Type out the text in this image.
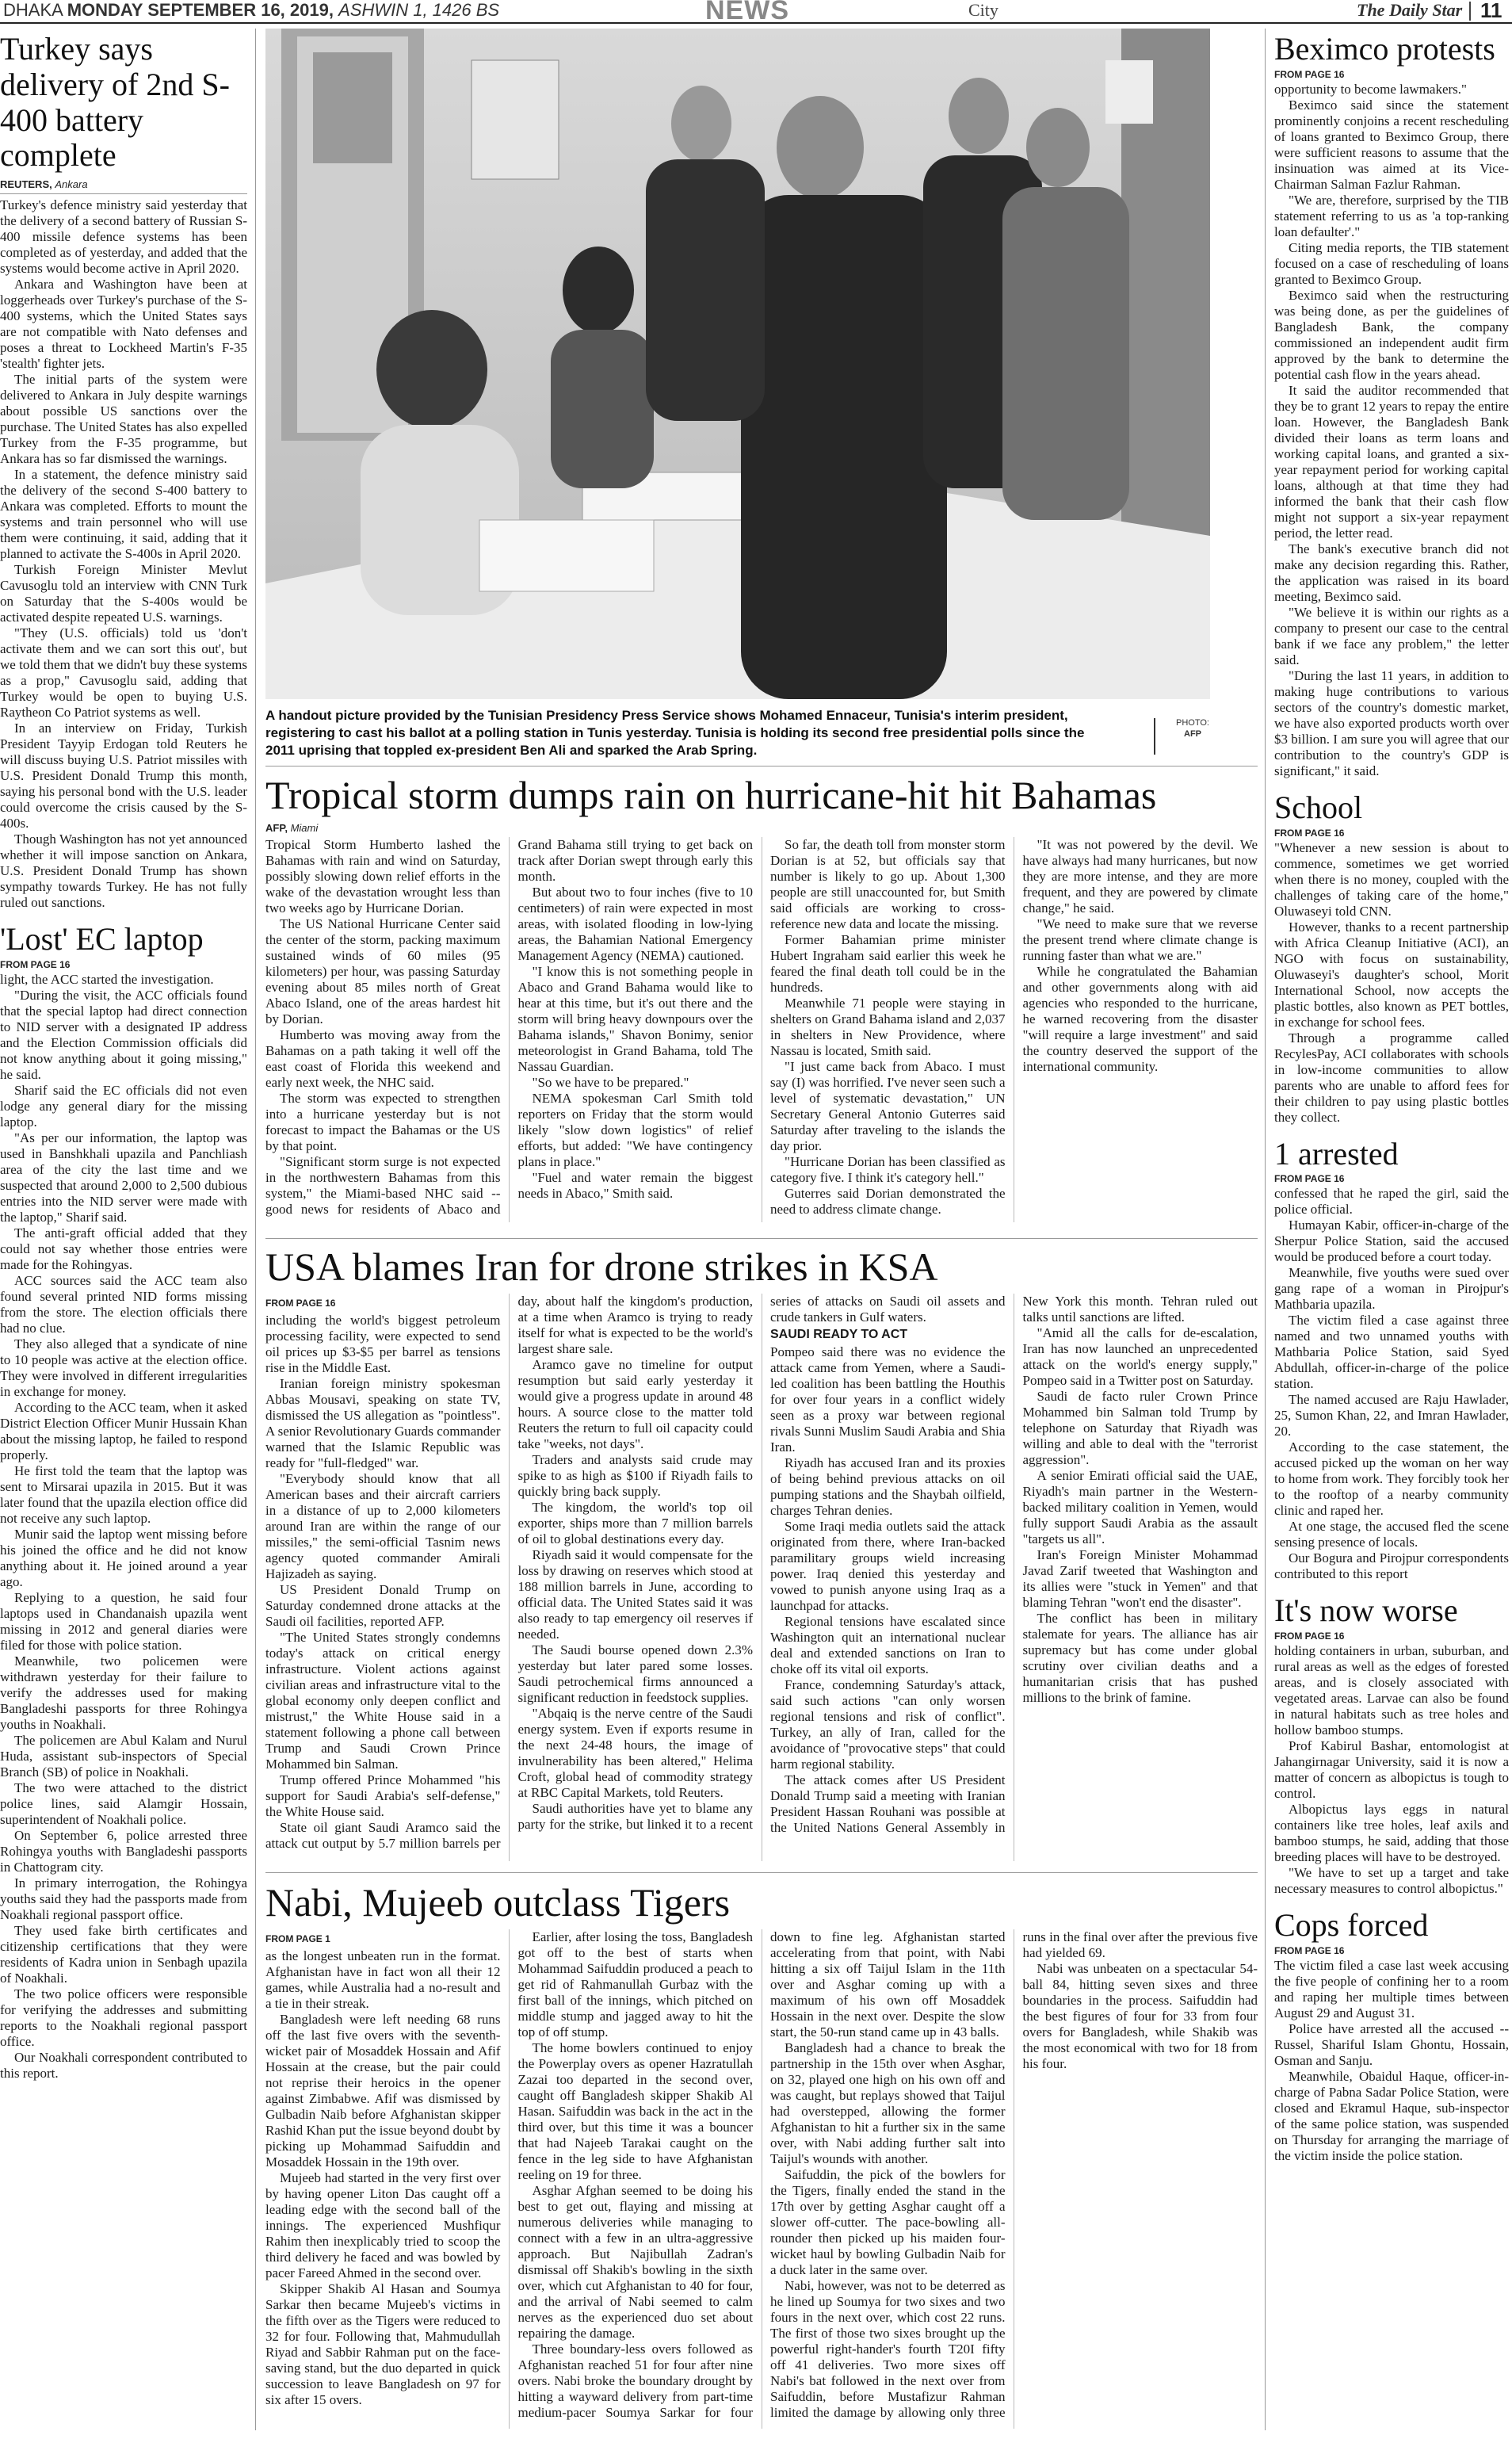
DHAKA MONDAY SEPTEMBER 16, 2019, ASHWIN 1, 1426 BS	NEWS	City	The Daily Star 11
Turkey says delivery of 2nd S-400 battery complete
REUTERS, Ankara

Turkey's defence ministry said yesterday that the delivery of a second battery of Russian S-400 missile defence systems has been completed as of yesterday, and added that the systems would become active in April 2020.

Ankara and Washington have been at loggerheads over Turkey's purchase of the S-400 systems, which the United States says are not compatible with Nato defenses and poses a threat to Lockheed Martin's F-35 'stealth' fighter jets.

The initial parts of the system were delivered to Ankara in July despite warnings about possible US sanctions over the purchase. The United States has also expelled Turkey from the F-35 programme, but Ankara has so far dismissed the warnings.

In a statement, the defence ministry said the delivery of the second S-400 battery to Ankara was completed. Efforts to mount the systems and train personnel who will use them were continuing, it said, adding that it planned to activate the S-400s in April 2020.

Turkish Foreign Minister Mevlut Cavusoglu told an interview with CNN Turk on Saturday that the S-400s would be activated despite repeated U.S. warnings.

"They (U.S. officials) told us 'don't activate them and we can sort this out', but we told them that we didn't buy these systems as a prop," Cavusoglu said, adding that Turkey would be open to buying U.S. Raytheon Co Patriot systems as well.

In an interview on Friday, Turkish President Tayyip Erdogan told Reuters he will discuss buying U.S. Patriot missiles with U.S. President Donald Trump this month, saying his personal bond with the U.S. leader could overcome the crisis caused by the S-400s.

Though Washington has not yet announced whether it will impose sanction on Ankara, U.S. President Donald Trump has shown sympathy towards Turkey. He has not fully ruled out sanctions.

'Lost' EC laptop
FROM PAGE 16

light, the ACC started the investigation.

"During the visit, the ACC officials found that the special laptop had direct connection to NID server with a designated IP address and the Election Commission officials did not know anything about it going missing," he said.

Sharif said the EC officials did not even lodge any general diary for the missing laptop.

"As per our information, the laptop was used in Banshkhali upazila and Panchliash area of the city the last time and we suspected that around 2,000 to 2,500 dubious entries into the NID server were made with the laptop," Sharif said.

The anti-graft official added that they could not say whether those entries were made for the Rohingyas.

ACC sources said the ACC team also found several printed NID forms missing from the store. The election officials there had no clue.

They also alleged that a syndicate of nine to 10 people was active at the election office. They were involved in different irregularities in exchange for money.

According to the ACC team, when it asked District Election Officer Munir Hussain Khan about the missing laptop, he failed to respond properly.

He first told the team that the laptop was sent to Mirsarai upazila in 2015. But it was later found that the upazila election office did not receive any such laptop.

Munir said the laptop went missing before his joined the office and he did not know anything about it. He joined around a year ago.

Replying to a question, he said four laptops used in Chandanaish upazila went missing in 2012 and general diaries were filed for those with police station.

Meanwhile, two policemen were withdrawn yesterday for their failure to verify the addresses used for making Bangladeshi passports for three Rohingya youths in Noakhali.

The policemen are Abul Kalam and Nurul Huda, assistant sub-inspectors of Special Branch (SB) of police in Noakhali.

The two were attached to the district police lines, said Alamgir Hossain, superintendent of Noakhali police.

On September 6, police arrested three Rohingya youths with Bangladeshi passports in Chattogram city.

In primary interrogation, the Rohingya youths said they had the passports made from Noakhali regional passport office.

They used fake birth certificates and citizenship certifications that they were residents of Kadra union in Senbagh upazila of Noakhali.

The two police officers were responsible for verifying the addresses and submitting reports to the Noakhali regional passport office.

Our Noakhali correspondent contributed to this report.

A handout picture provided by the Tunisian Presidency Press Service shows Mohamed Ennaceur, Tunisia's interim president, registering to cast his ballot at a polling station in Tunis yesterday. Tunisia is holding its second free presidential polls since the 2011 uprising that toppled ex-president Ben Ali and sparked the Arab Spring.
PHOTO:
AFP
Tropical storm dumps rain on hurricane-hit hit Bahamas
AFP, Miami

Tropical Storm Humberto lashed the Bahamas with rain and wind on Saturday, possibly slowing down relief efforts in the wake of the devastation wrought less than two weeks ago by Hurricane Dorian.

The US National Hurricane Center said the center of the storm, packing maximum sustained winds of 60 miles (95 kilometers) per hour, was passing Saturday evening about 85 miles north of Great Abaco Island, one of the areas hardest hit by Dorian.

Humberto was moving away from the Bahamas on a path taking it well off the east coast of Florida this weekend and early next week, the NHC said.

The storm was expected to strengthen into a hurricane yesterday but is not forecast to impact the Bahamas or the US by that point.

"Significant storm surge is not expected in the northwestern Bahamas from this system," the Miami-based NHC said -- good news for residents of Abaco and Grand Bahama still trying to get back on track after Dorian swept through early this month.

But about two to four inches (five to 10 centimeters) of rain were expected in most areas, with isolated flooding in low-lying areas, the Bahamian National Emergency Management Agency (NEMA) cautioned.

"I know this is not something people in Abaco and Grand Bahama would like to hear at this time, but it's out there and the storm will bring heavy downpours over the Bahama islands," Shavon Bonimy, senior meteorologist in Grand Bahama, told The Nassau Guardian.

"So we have to be prepared."

NEMA spokesman Carl Smith told reporters on Friday that the storm would likely "slow down logistics" of relief efforts, but added: "We have contingency plans in place."

"Fuel and water remain the biggest needs in Abaco," Smith said.

So far, the death toll from monster storm Dorian is at 52, but officials say that number is likely to go up. About 1,300 people are still unaccounted for, but Smith said officials are working to cross-reference new data and locate the missing.

Former Bahamian prime minister Hubert Ingraham said earlier this week he feared the final death toll could be in the hundreds.

Meanwhile 71 people were staying in shelters on Grand Bahama island and 2,037 in shelters in New Providence, where Nassau is located, Smith said.

"I just came back from Abaco. I must say (I) was horrified. I've never seen such a level of systematic devastation," UN Secretary General Antonio Guterres said Saturday after traveling to the islands the day prior.

"Hurricane Dorian has been classified as category five. I think it's category hell."

Guterres said Dorian demonstrated the need to address climate change.

"It was not powered by the devil. We have always had many hurricanes, but now they are more intense, and they are more frequent, and they are powered by climate change," he said.

"We need to make sure that we reverse the present trend where climate change is running faster than what we are."

While he congratulated the Bahamian and other governments along with aid agencies who responded to the hurricane, he warned recovering from the disaster "will require a large investment" and said the country deserved the support of the international community.

USA blames Iran for drone strikes in KSA
FROM PAGE 16

including the world's biggest petroleum processing facility, were expected to send oil prices up $3-$5 per barrel as tensions rise in the Middle East.

Iranian foreign ministry spokesman Abbas Mousavi, speaking on state TV, dismissed the US allegation as "pointless". A senior Revolutionary Guards commander warned that the Islamic Republic was ready for "full-fledged" war.

"Everybody should know that all American bases and their aircraft carriers in a distance of up to 2,000 kilometers around Iran are within the range of our missiles," the semi-official Tasnim news agency quoted commander Amirali Hajizadeh as saying.

US President Donald Trump on Saturday condemned drone attacks at the Saudi oil facilities, reported AFP.

"The United States strongly condemns today's attack on critical energy infrastructure. Violent actions against civilian areas and infrastructure vital to the global economy only deepen conflict and mistrust," the White House said in a statement following a phone call between Trump and Saudi Crown Prince Mohammed bin Salman.

Trump offered Prince Mohammed "his support for Saudi Arabia's self-defense," the White House said.

State oil giant Saudi Aramco said the attack cut output by 5.7 million barrels per day, about half the kingdom's production, at a time when Aramco is trying to ready itself for what is expected to be the world's largest share sale.

Aramco gave no timeline for output resumption but said early yesterday it would give a progress update in around 48 hours. A source close to the matter told Reuters the return to full oil capacity could take "weeks, not days".

Traders and analysts said crude may spike to as high as $100 if Riyadh fails to quickly bring back supply.

The kingdom, the world's top oil exporter, ships more than 7 million barrels of oil to global destinations every day.

Riyadh said it would compensate for the loss by drawing on reserves which stood at 188 million barrels in June, according to official data. The United States said it was also ready to tap emergency oil reserves if needed.

The Saudi bourse opened down 2.3% yesterday but later pared some losses. Saudi petrochemical firms announced a significant reduction in feedstock supplies.

"Abqaiq is the nerve centre of the Saudi energy system. Even if exports resume in the next 24-48 hours, the image of invulnerability has been altered," Helima Croft, global head of commodity strategy at RBC Capital Markets, told Reuters.

Saudi authorities have yet to blame any party for the strike, but linked it to a recent series of attacks on Saudi oil assets and crude tankers in Gulf waters.

SAUDI READY TO ACT

Pompeo said there was no evidence the attack came from Yemen, where a Saudi-led coalition has been battling the Houthis for over four years in a conflict widely seen as a proxy war between regional rivals Sunni Muslim Saudi Arabia and Shia Iran.

Riyadh has accused Iran and its proxies of being behind previous attacks on oil pumping stations and the Shaybah oilfield, charges Tehran denies.

Some Iraqi media outlets said the attack originated from there, where Iran-backed paramilitary groups wield increasing power. Iraq denied this yesterday and vowed to punish anyone using Iraq as a launchpad for attacks.

Regional tensions have escalated since Washington quit an international nuclear deal and extended sanctions on Iran to choke off its vital oil exports.

France, condemning Saturday's attack, said such actions "can only worsen regional tensions and risk of conflict". Turkey, an ally of Iran, called for the avoidance of "provocative steps" that could harm regional stability.

The attack comes after US President Donald Trump said a meeting with Iranian President Hassan Rouhani was possible at the United Nations General Assembly in New York this month. Tehran ruled out talks until sanctions are lifted.

"Amid all the calls for de-escalation, Iran has now launched an unprecedented attack on the world's energy supply," Pompeo said in a Twitter post on Saturday.

Saudi de facto ruler Crown Prince Mohammed bin Salman told Trump by telephone on Saturday that Riyadh was willing and able to deal with the "terrorist aggression".

A senior Emirati official said the UAE, Riyadh's main partner in the Western-backed military coalition in Yemen, would fully support Saudi Arabia as the assault "targets us all".

Iran's Foreign Minister Mohammad Javad Zarif tweeted that Washington and its allies were "stuck in Yemen" and that blaming Tehran "won't end the disaster".

The conflict has been in military stalemate for years. The alliance has air supremacy but has come under global scrutiny over civilian deaths and a humanitarian crisis that has pushed millions to the brink of famine.

Nabi, Mujeeb outclass Tigers
FROM PAGE 1

as the longest unbeaten run in the format. Afghanistan have in fact won all their 12 games, while Australia had a no-result and a tie in their streak.

Bangladesh were left needing 68 runs off the last five overs with the seventh-wicket pair of Mosaddek Hossain and Afif Hossain at the crease, but the pair could not reprise their heroics in the opener against Zimbabwe. Afif was dismissed by Gulbadin Naib before Afghanistan skipper Rashid Khan put the issue beyond doubt by picking up Mohammad Saifuddin and Mosaddek Hossain in the 19th over.

Mujeeb had started in the very first over by having opener Liton Das caught off a leading edge with the second ball of the innings. The experienced Mushfiqur Rahim then inexplicably tried to scoop the third delivery he faced and was bowled by pacer Fareed Ahmed in the second over.

Skipper Shakib Al Hasan and Soumya Sarkar then became Mujeeb's victims in the fifth over as the Tigers were reduced to 32 for four. Following that, Mahmudullah Riyad and Sabbir Rahman put on the face-saving stand, but the duo departed in quick succession to leave Bangladesh on 97 for six after 15 overs.

Earlier, after losing the toss, Bangladesh got off to the best of starts when Mohammad Saifuddin produced a peach to get rid of Rahmanullah Gurbaz with the first ball of the innings, which pitched on middle stump and jagged away to hit the top of off stump.

The home bowlers continued to enjoy the Powerplay overs as opener Hazratullah Zazai too departed in the second over, caught off Bangladesh skipper Shakib Al Hasan. Saifuddin was back in the act in the third over, but this time it was a bouncer that had Najeeb Tarakai caught on the fence in the leg side to have Afghanistan reeling on 19 for three.

Asghar Afghan seemed to be doing his best to get out, flaying and missing at numerous deliveries while managing to connect with a few in an ultra-aggressive approach. But Najibullah Zadran's dismissal off Shakib's bowling in the sixth over, which cut Afghanistan to 40 for four, and the arrival of Nabi seemed to calm nerves as the experienced duo set about repairing the damage.

Three boundary-less overs followed as Afghanistan reached 51 for four after nine overs. Nabi broke the boundary drought by hitting a wayward delivery from part-time medium-pacer Soumya Sarkar for four down to fine leg. Afghanistan started accelerating from that point, with Nabi hitting a six off Taijul Islam in the 11th over and Asghar coming up with a maximum of his own off Mosaddek Hossain in the next over. Despite the slow start, the 50-run stand came up in 43 balls.

Bangladesh had a chance to break the partnership in the 15th over when Asghar, on 32, played one high on his own off and was caught, but replays showed that Taijul had overstepped, allowing the former Afghanistan to hit a further six in the same over, with Nabi adding further salt into Taijul's wounds with another.

Saifuddin, the pick of the bowlers for the Tigers, finally ended the stand in the 17th over by getting Asghar caught off a slower off-cutter. The pace-bowling all-rounder then picked up his maiden four-wicket haul by bowling Gulbadin Naib for a duck later in the same over.

Nabi, however, was not to be deterred as he lined up Soumya for two sixes and two fours in the next over, which cost 22 runs. The first of those two sixes brought up the powerful right-hander's fourth T20I fifty off 41 deliveries. Two more sixes off Nabi's bat followed in the next over from Saifuddin, before Mustafizur Rahman limited the damage by allowing only three runs in the final over after the previous five had yielded 69.

Nabi was unbeaten on a spectacular 54-ball 84, hitting seven sixes and three boundaries in the process. Saifuddin had the best figures of four for 33 from four overs for Bangladesh, while Shakib was the most economical with two for 18 from his four.

Beximco protests
FROM PAGE 16

opportunity to become lawmakers."

Beximco said since the statement prominently conjoins a recent rescheduling of loans granted to Beximco Group, there were sufficient reasons to assume that the insinuation was aimed at its Vice-Chairman Salman Fazlur Rahman.

"We are, therefore, surprised by the TIB statement referring to us as 'a top-ranking loan defaulter'."

Citing media reports, the TIB statement focused on a case of rescheduling of loans granted to Beximco Group.

Beximco said when the restructuring was being done, as per the guidelines of Bangladesh Bank, the company commissioned an independent audit firm approved by the bank to determine the potential cash flow in the years ahead.

It said the auditor recommended that they be to grant 12 years to repay the entire loan. However, the Bangladesh Bank divided their loans as term loans and working capital loans, and granted a six-year repayment period for working capital loans, although at that time they had informed the bank that their cash flow might not support a six-year repayment period, the letter read.

The bank's executive branch did not make any decision regarding this. Rather, the application was raised in its board meeting, Beximco said.

"We believe it is within our rights as a company to present our case to the central bank if we face any problem," the letter said.

"During the last 11 years, in addition to making huge contributions to various sectors of the country's domestic market, we have also exported products worth over $3 billion. I am sure you will agree that our contribution to the country's GDP is significant," it said.

School
FROM PAGE 16

"Whenever a new session is about to commence, sometimes we get worried when there is no money, coupled with the challenges of taking care of the home," Oluwaseyi told CNN.

However, thanks to a recent partnership with Africa Cleanup Initiative (ACI), an NGO with focus on sustainability, Oluwaseyi's daughter's school, Morit International School, now accepts the plastic bottles, also known as PET bottles, in exchange for school fees.

Through a programme called RecylesPay, ACI collaborates with schools in low-income communities to allow parents who are unable to afford fees for their children to pay using plastic bottles they collect.

1 arrested
FROM PAGE 16

confessed that he raped the girl, said the police official.

Humayan Kabir, officer-in-charge of the Sherpur Police Station, said the accused would be produced before a court today.

Meanwhile, five youths were sued over gang rape of a woman in Pirojpur's Mathbaria upazila.

The victim filed a case against three named and two unnamed youths with Mathbaria Police Station, said Syed Abdullah, officer-in-charge of the police station.

The named accused are Raju Hawlader, 25, Sumon Khan, 22, and Imran Hawlader, 20.

According to the case statement, the accused picked up the woman on her way to home from work. They forcibly took her to the rooftop of a nearby community clinic and raped her.

At one stage, the accused fled the scene sensing presence of locals.

Our Bogura and Pirojpur correspondents contributed to this report

It's now worse
FROM PAGE 16

holding containers in urban, suburban, and rural areas as well as the edges of forested areas, and is closely associated with vegetated areas. Larvae can also be found in natural habitats such as tree holes and hollow bamboo stumps.

Prof Kabirul Bashar, entomologist at Jahangirnagar University, said it is now a matter of concern as albopictus is tough to control.

Albopictus lays eggs in natural containers like tree holes, leaf axils and bamboo stumps, he said, adding that those breeding places will have to be destroyed.

"We have to set up a target and take necessary measures to control albopictus."

Cops forced
FROM PAGE 16

The victim filed a case last week accusing the five people of confining her to a room and raping her multiple times between August 29 and August 31.

Police have arrested all the accused -- Russel, Shariful Islam Ghontu, Hossain, Osman and Sanju.

Meanwhile, Obaidul Haque, officer-in-charge of Pabna Sadar Police Station, were closed and Ekramul Haque, sub-inspector of the same police station, was suspended on Thursday for arranging the marriage of the victim inside the police station.
